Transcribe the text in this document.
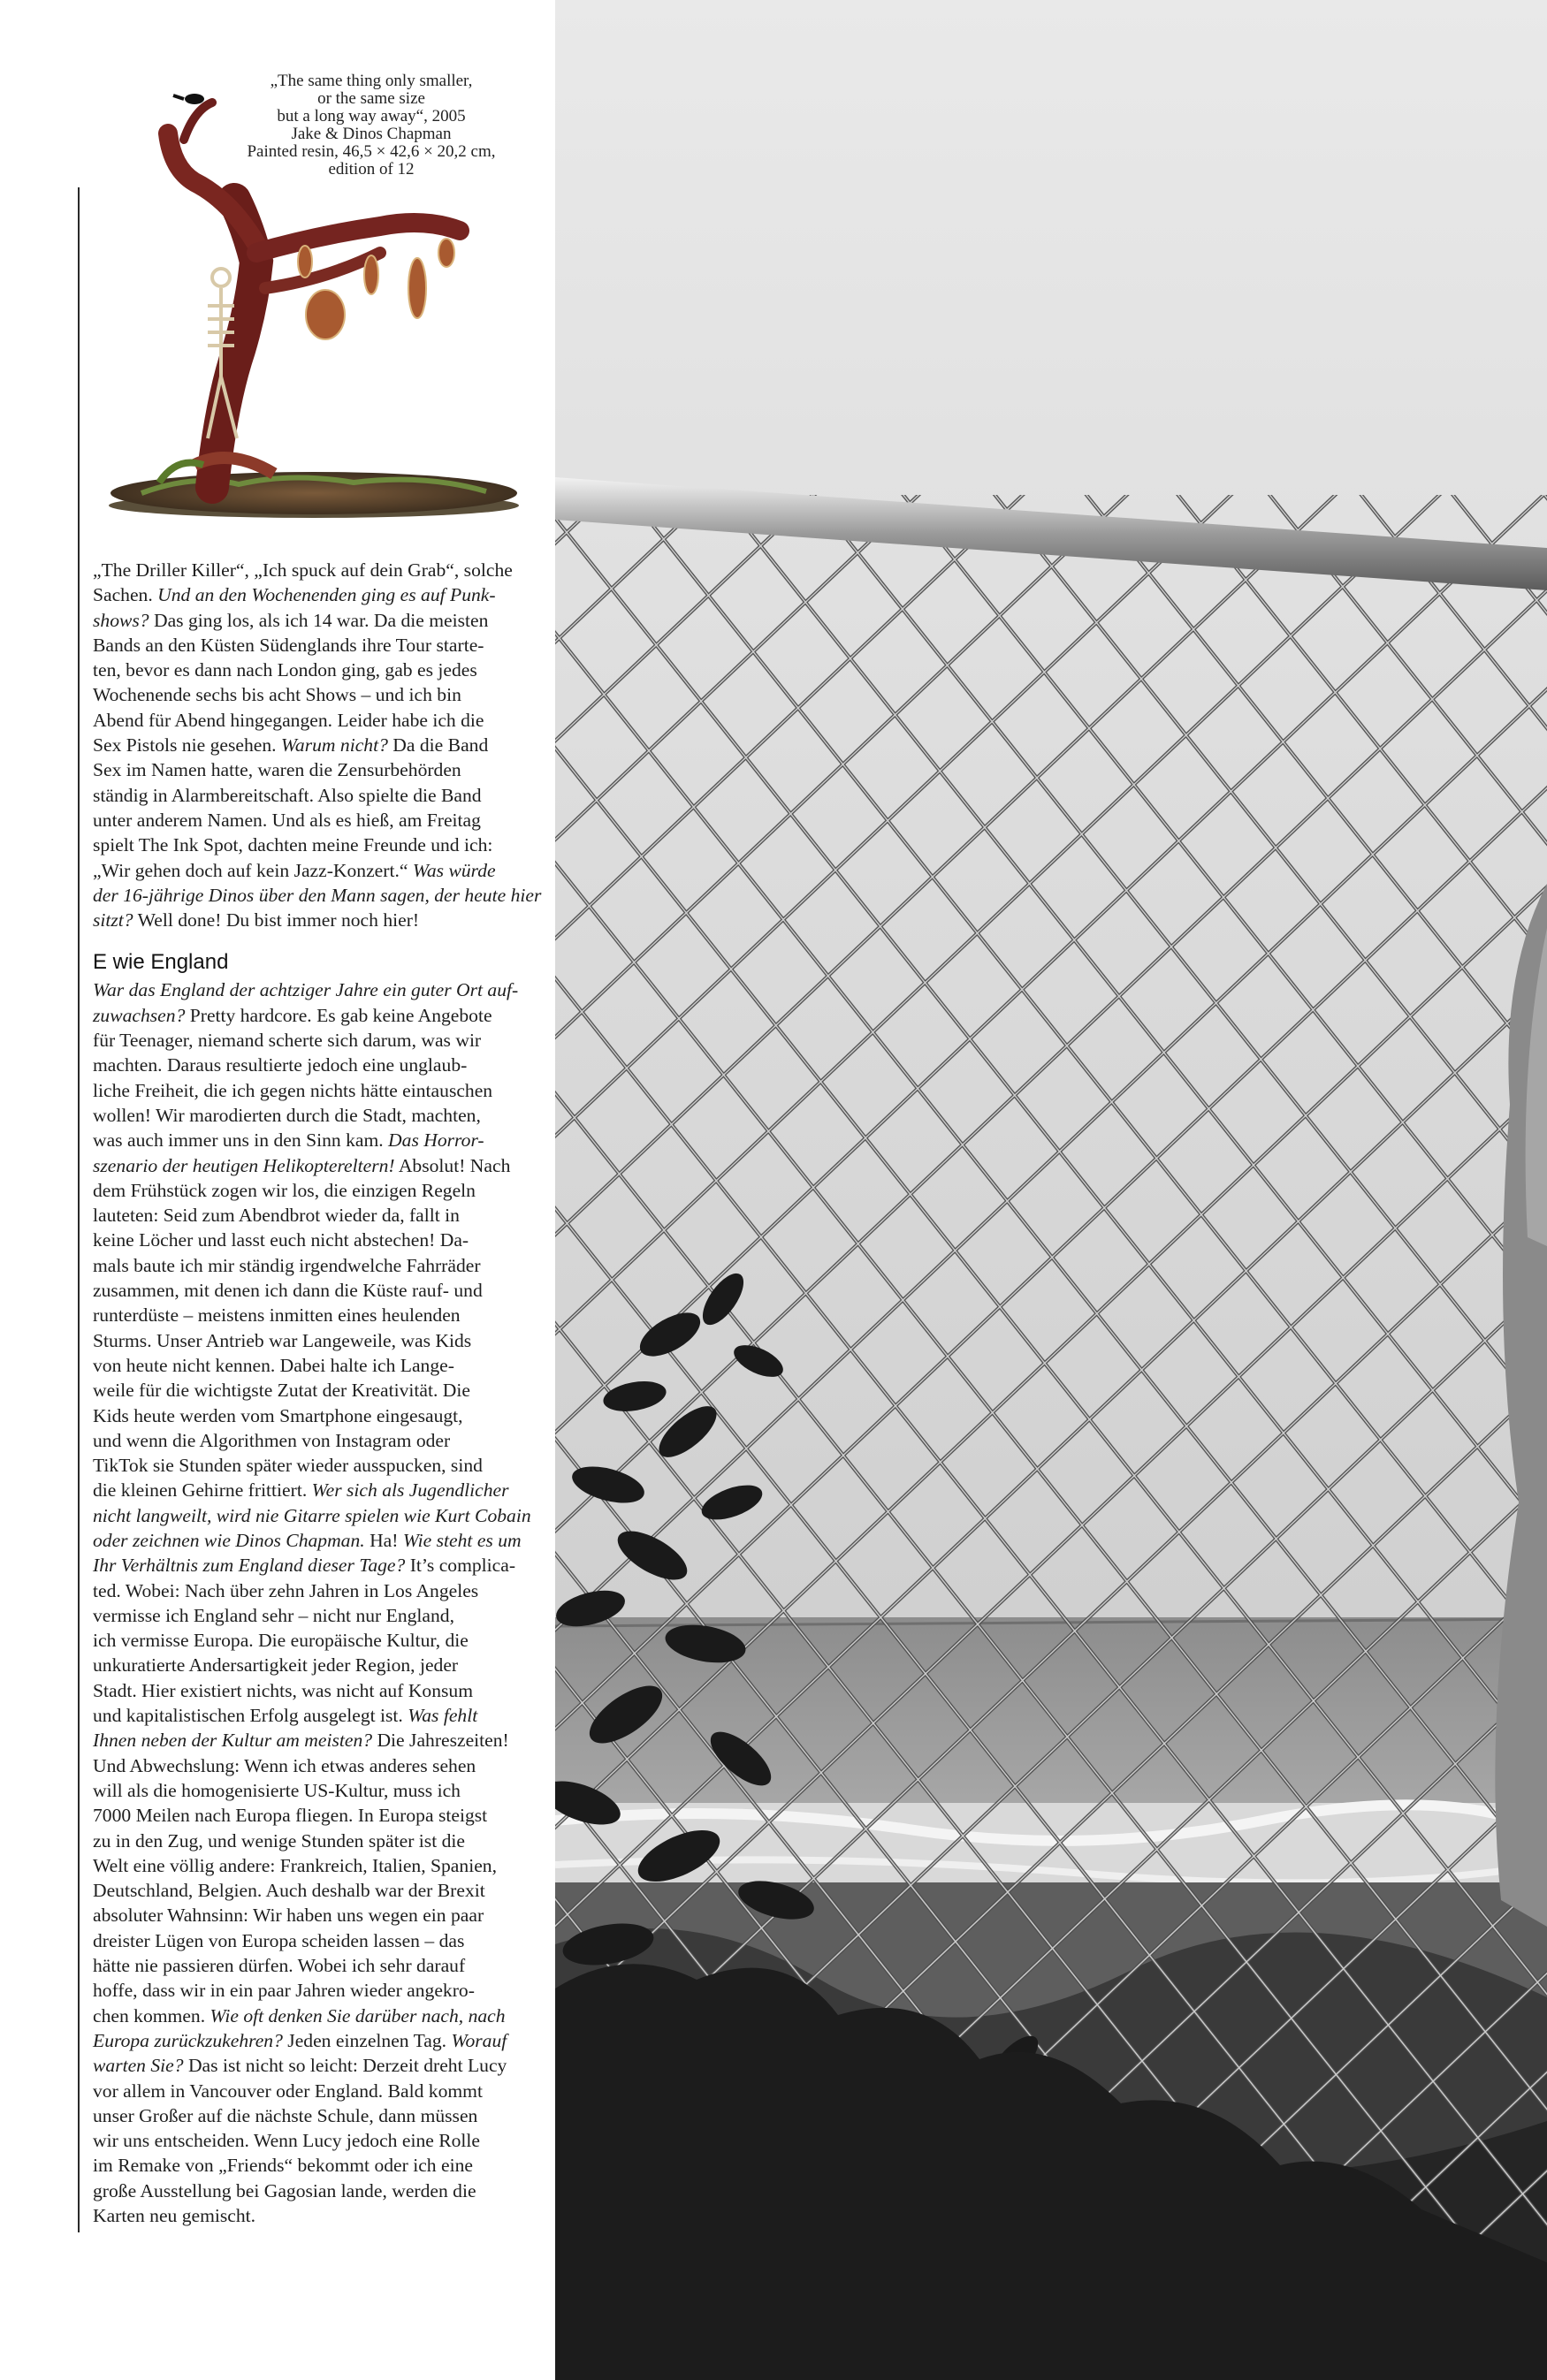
„The same thing only smaller,
or the same size
but a long way away“, 2005
Jake & Dinos Chapman
Painted resin, 46,5 × 42,6 × 20,2 cm,
edition of 12

„The Driller Killer“, „Ich spuck auf dein Grab“, solche
Sachen. Und an den Wochenenden ging es auf Punk-
shows? Das ging los, als ich 14 war. Da die meisten
Bands an den Küsten Südenglands ihre Tour starte-
ten, bevor es dann nach London ging, gab es jedes
Wochenende sechs bis acht Shows – und ich bin
Abend für Abend hingegangen. Leider habe ich die
Sex Pistols nie gesehen. Warum nicht? Da die Band
Sex im Namen hatte, waren die Zensurbehörden
ständig in Alarmbereitschaft. Also spielte die Band
unter anderem Namen. Und als es hieß, am Freitag
spielt The Ink Spot, dachten meine Freunde und ich:
„Wir gehen doch auf kein Jazz-Konzert.“ Was würde
der 16-jährige Dinos über den Mann sagen, der heute hier
sitzt? Well done! Du bist immer noch hier!

E wie England

War das England der achtziger Jahre ein guter Ort auf-
zuwachsen? Pretty hardcore. Es gab keine Angebote
für Teenager, niemand scherte sich darum, was wir
machten. Daraus resultierte jedoch eine unglaub-
liche Freiheit, die ich gegen nichts hätte eintauschen
wollen! Wir marodierten durch die Stadt, machten,
was auch immer uns in den Sinn kam. Das Horror-
szenario der heutigen Helikoptereltern! Absolut! Nach
dem Frühstück zogen wir los, die einzigen Regeln
lauteten: Seid zum Abendbrot wieder da, fallt in
keine Löcher und lasst euch nicht abstechen! Da-
mals baute ich mir ständig irgendwelche Fahrräder
zusammen, mit denen ich dann die Küste rauf- und
runterdüste – meistens inmitten eines heulenden
Sturms. Unser Antrieb war Langeweile, was Kids
von heute nicht kennen. Dabei halte ich Lange-
weile für die wichtigste Zutat der Kreativität. Die
Kids heute werden vom Smartphone eingesaugt,
und wenn die Algorithmen von Instagram oder
TikTok sie Stunden später wieder ausspucken, sind
die kleinen Gehirne frittiert. Wer sich als Jugendlicher
nicht langweilt, wird nie Gitarre spielen wie Kurt Cobain
oder zeichnen wie Dinos Chapman. Ha! Wie steht es um
Ihr Verhältnis zum England dieser Tage? It’s complica-
ted. Wobei: Nach über zehn Jahren in Los Angeles
vermisse ich England sehr – nicht nur England,
ich vermisse Europa. Die europäische Kultur, die
unkuratierte Andersartigkeit jeder Region, jeder
Stadt. Hier existiert nichts, was nicht auf Konsum
und kapitalistischen Erfolg ausgelegt ist. Was fehlt
Ihnen neben der Kultur am meisten? Die Jahreszeiten!
Und Abwechslung: Wenn ich etwas anderes sehen
will als die homogenisierte US-Kultur, muss ich
7000 Meilen nach Europa fliegen. In Europa steigst
zu in den Zug, und wenige Stunden später ist die
Welt eine völlig andere: Frankreich, Italien, Spanien,
Deutschland, Belgien. Auch deshalb war der Brexit
absoluter Wahnsinn: Wir haben uns wegen ein paar
dreister Lügen von Europa scheiden lassen – das
hätte nie passieren dürfen. Wobei ich sehr darauf
hoffe, dass wir in ein paar Jahren wieder angekro-
chen kommen. Wie oft denken Sie darüber nach, nach
Europa zurückzukehren? Jeden einzelnen Tag. Worauf
warten Sie? Das ist nicht so leicht: Derzeit dreht Lucy
vor allem in Vancouver oder England. Bald kommt
unser Großer auf die nächste Schule, dann müssen
wir uns entscheiden. Wenn Lucy jedoch eine Rolle
im Remake von „Friends“ bekommt oder ich eine
große Ausstellung bei Gagosian lande, werden die
Karten neu gemischt.
